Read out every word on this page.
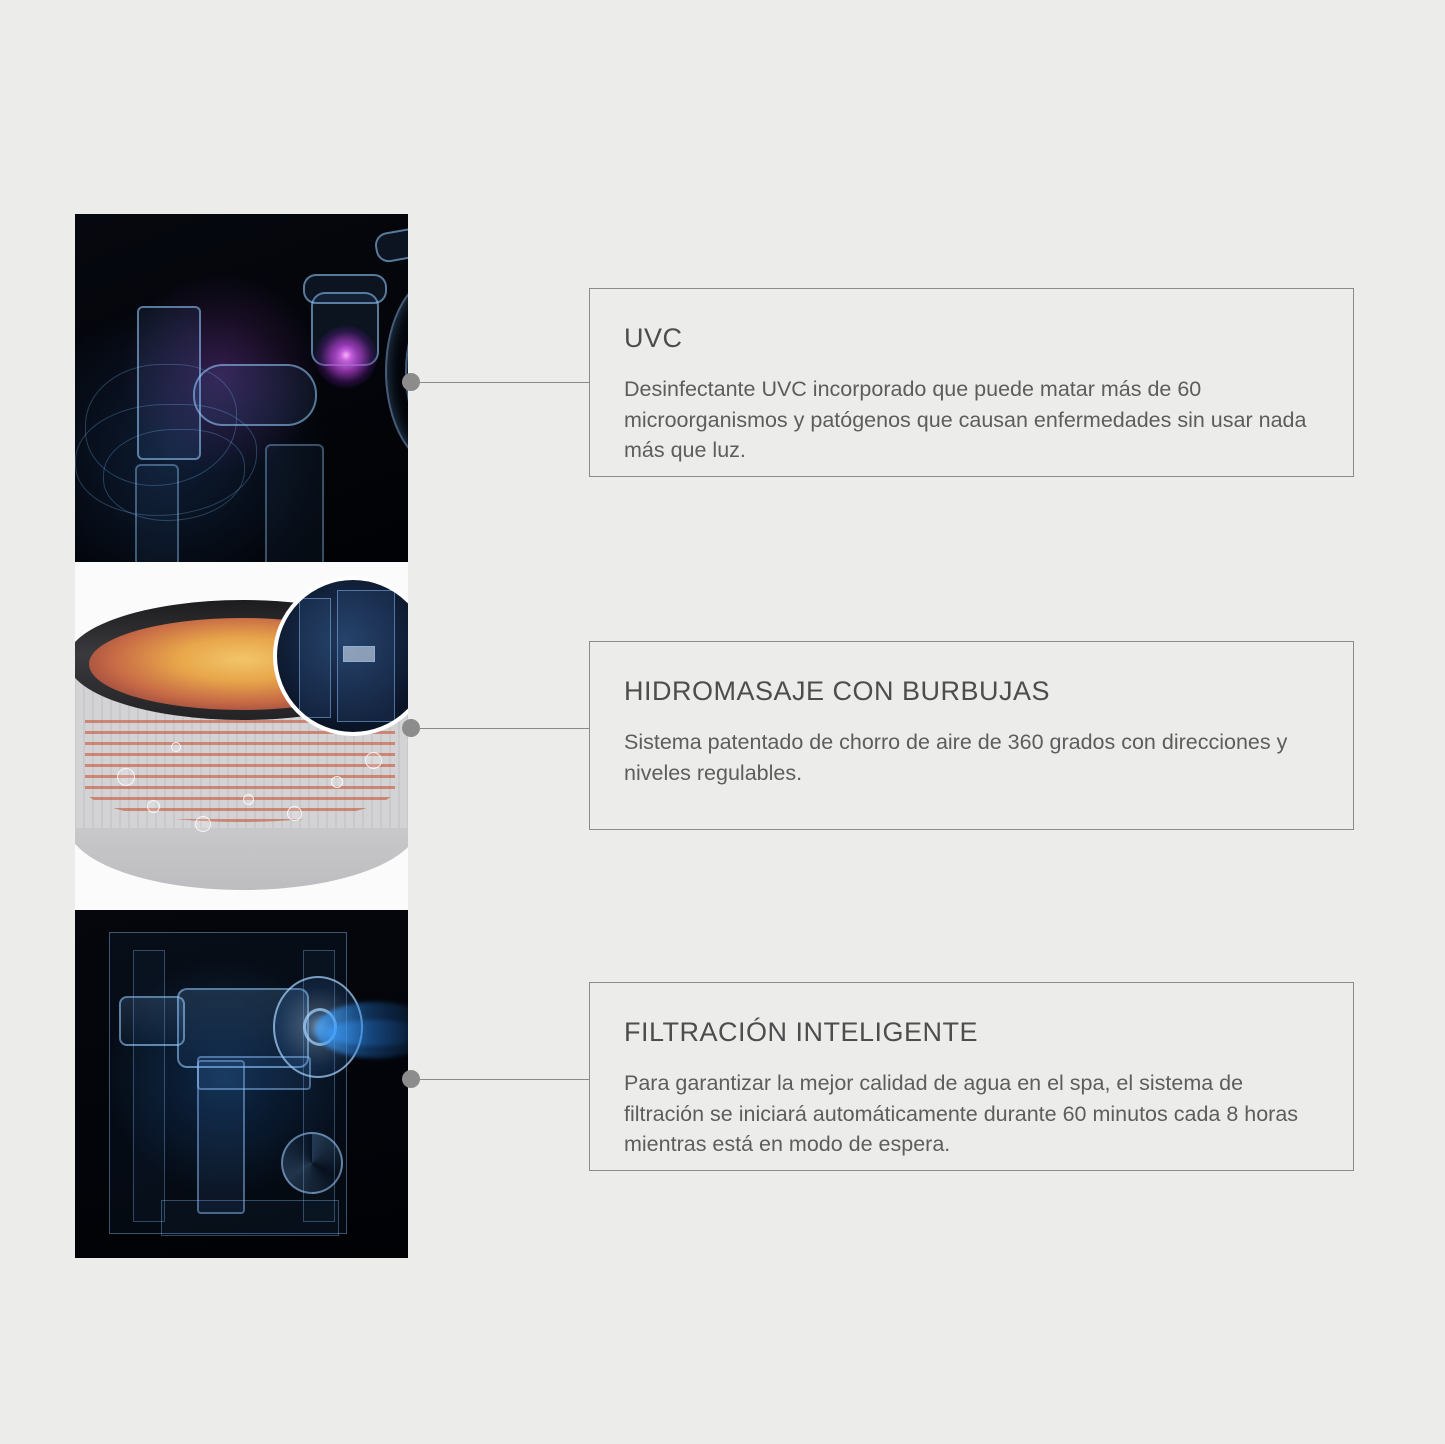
UVC

Desinfectante UVC incorporado que puede matar más de 60 microorganismos y patógenos que causan enfermedades sin usar nada más que luz.

HIDROMASAJE CON BURBUJAS

Sistema patentado de chorro de aire de 360 grados con direcciones y niveles regulables.

FILTRACIÓN INTELIGENTE

Para garantizar la mejor calidad de agua en el spa, el sistema de filtración se iniciará automáticamente durante 60 minutos cada 8 horas mientras está en modo de espera.
